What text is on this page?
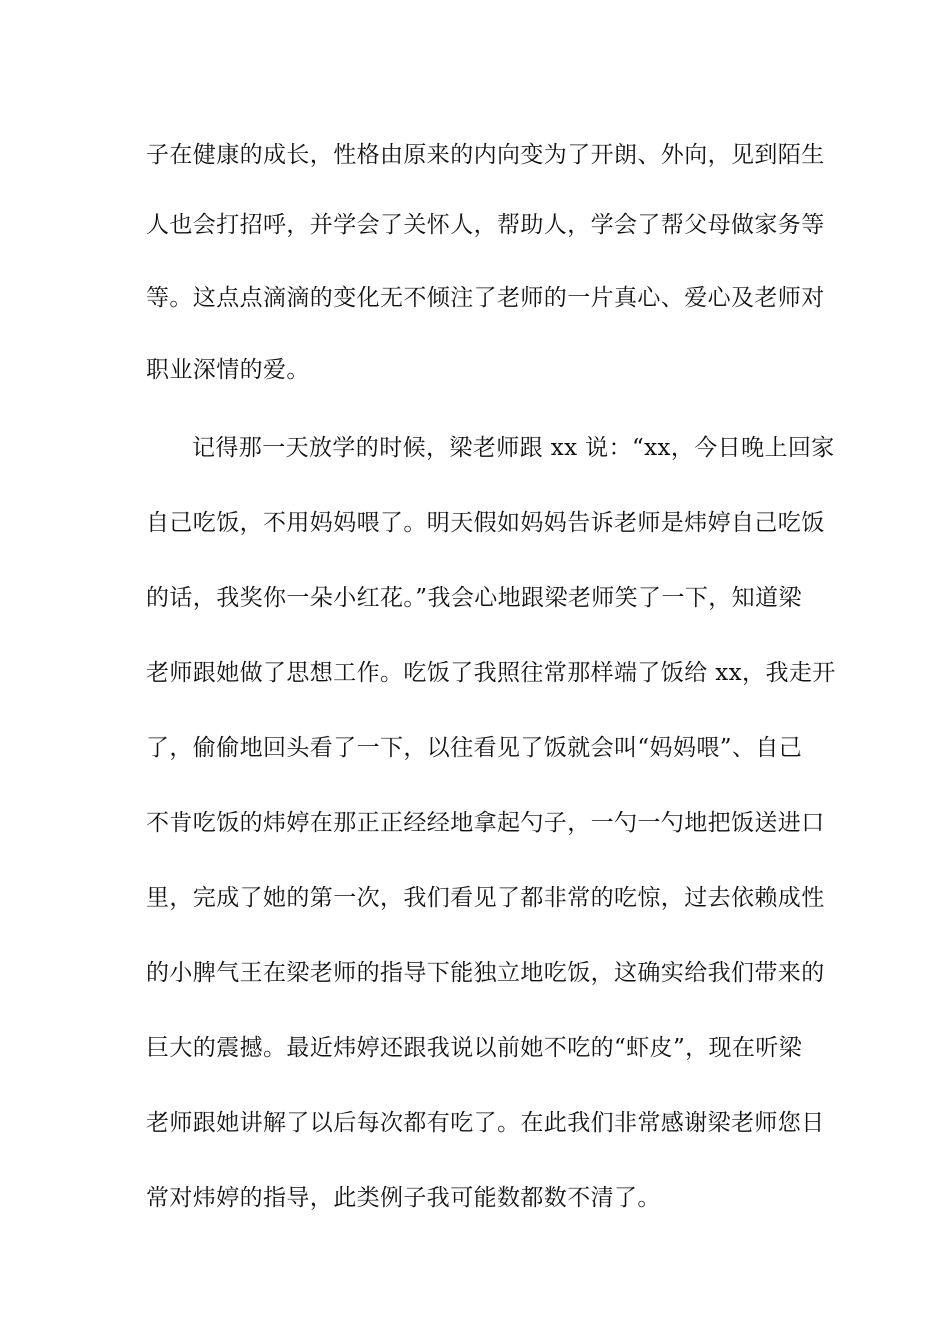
子在健康的成长，性格由原来的内向变为了开朗、外向，见到陌生
人也会打招呼，并学会了关怀人，帮助人，学会了帮父母做家务等
等。这点点滴滴的变化无不倾注了老师的一片真心、爱心及老师对
职业深情的爱。
记得那一天放学的时候，梁老师跟 xx 说：“xx，今日晚上回家
自己吃饭，不用妈妈喂了。明天假如妈妈告诉老师是炜婷自己吃饭
的话，我奖你一朵小红花。”我会心地跟梁老师笑了一下，知道梁
老师跟她做了思想工作。吃饭了我照往常那样端了饭给 xx，我走开
了，偷偷地回头看了一下，以往看见了饭就会叫“妈妈喂”、自己
不肯吃饭的炜婷在那正正经经地拿起勺子，一勺一勺地把饭送进口
里，完成了她的第一次，我们看见了都非常的吃惊，过去依赖成性
的小脾气王在梁老师的指导下能独立地吃饭，这确实给我们带来的
巨大的震撼。最近炜婷还跟我说以前她不吃的“虾皮”，现在听梁
老师跟她讲解了以后每次都有吃了。在此我们非常感谢梁老师您日
常对炜婷的指导，此类例子我可能数都数不清了。
